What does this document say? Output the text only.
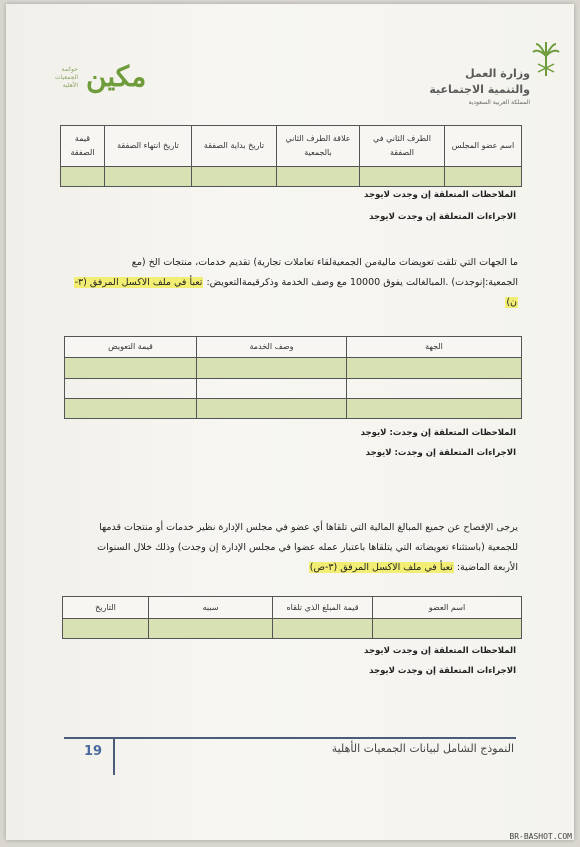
وزارة العمل
والتنمية الاجتماعية
المملكة العربية السعودية
حوكمة الجمعيات الأهلية مكين
اسم عضو المجلس	الطرف الثاني في الصفقة	علاقة الطرف الثاني بالجمعية	تاريخ بداية الصفقة	تاريخ انتهاء الصفقة	قيمة الصفقة

الملاحظات المتعلقة إن وجدت لايوجد
الاجراءات المتعلقة إن وجدت لايوجد
ما الجهات التي تلقت تعويضات ماليةمن الجمعيةلقاء تعاملات تجارية) تقديم خدمات، منتجات الخ (مع
الجمعية:إنوجدت) .المبالغالت يفوق 10000 مع وصف الخدمة وذكرقيمةالتعويض: تعبأ في ملف الاكسل المرفق (٣-
ن)
الجهة	وصف الخدمة	قيمة التعويض

الملاحظات المتعلقة إن وجدت: لايوجد
الاجراءات المتعلقة إن وجدت: لايوجد
يرجى الإفصاح عن جميع المبالغ المالية التي تلقاها أي عضو في مجلس الإدارة نظير خدمات أو منتجات قدمها
للجمعية (باستثناء تعويضاته التي يتلقاها باعتبار عمله عضوا في مجلس الإدارة إن وجدت) وذلك خلال السنوات
الأربعة الماضية: تعبأ في ملف الاكسل المرفق (٣-ص)
اسم العضو	قيمة المبلغ الذي تلقاه	سببه	التاريخ

الملاحظات المتعلقة إن وجدت لايوجد
الاجراءات المتعلقة إن وجدت لايوجد
19	النموذج الشامل لبيانات الجمعيات الأهلية
BR-BASHOT.COM
